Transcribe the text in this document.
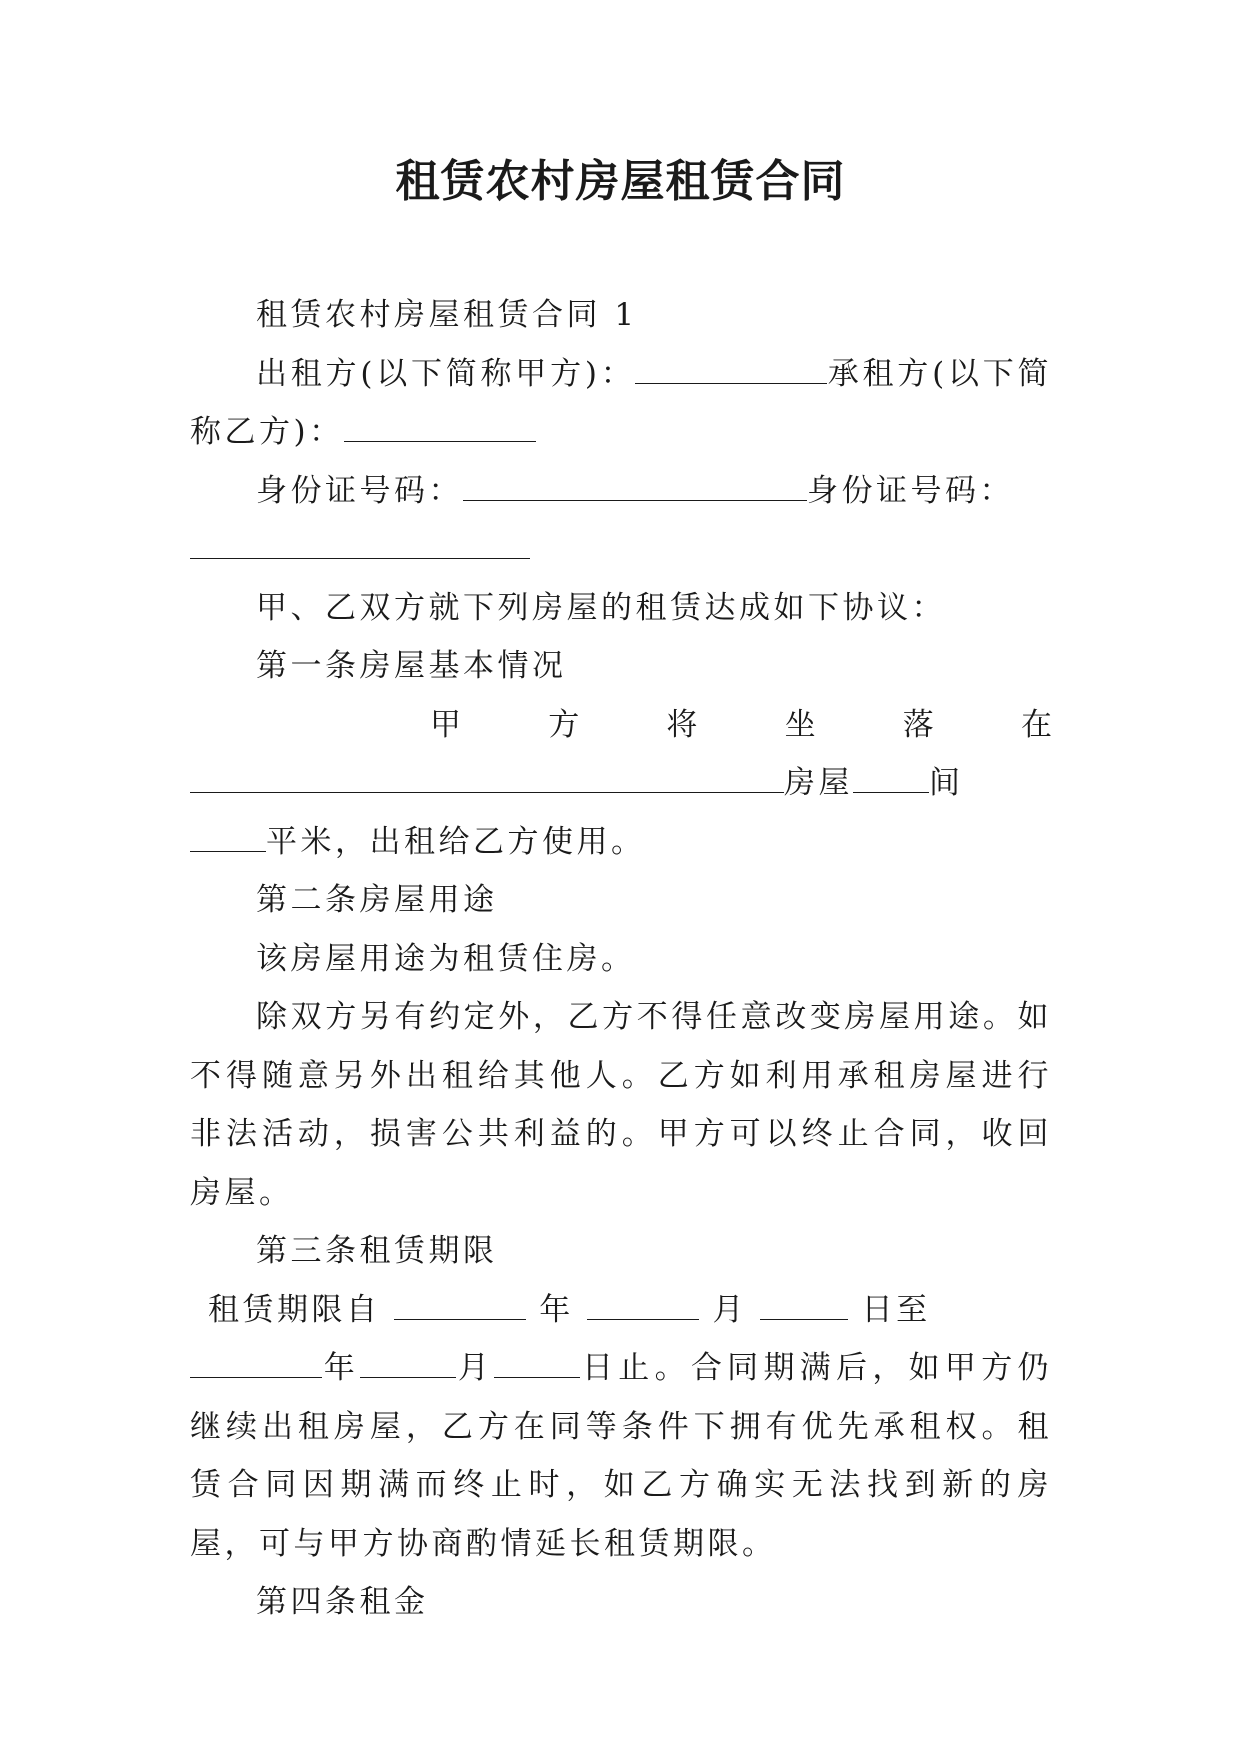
租赁农村房屋租赁合同

租赁农村房屋租赁合同 1

出租方(以下简称甲方)：	承租方(以下简称乙方)：

身份证号码：	身份证号码：

甲、乙双方就下列房屋的租赁达成如下协议：

第一条房屋基本情况

甲	方	将	坐	落	在

房屋 间
平米，出租给乙方使用。

第二条房屋用途

该房屋用途为租赁住房。

除双方另有约定外，乙方不得任意改变房屋用途。如不得随意另外出租给其他人。乙方如利用承租房屋进行非法活动，损害公共利益的。甲方可以终止合同，收回房屋。

第三条租赁期限

租赁期限自	年	月	日至
年	月	日止。合同期满后，如甲方仍继续出租房屋，乙方在同等条件下拥有优先承租权。租赁合同因期满而终止时，如乙方确实无法找到新的房屋，可与甲方协商酌情延长租赁期限。

第四条租金
